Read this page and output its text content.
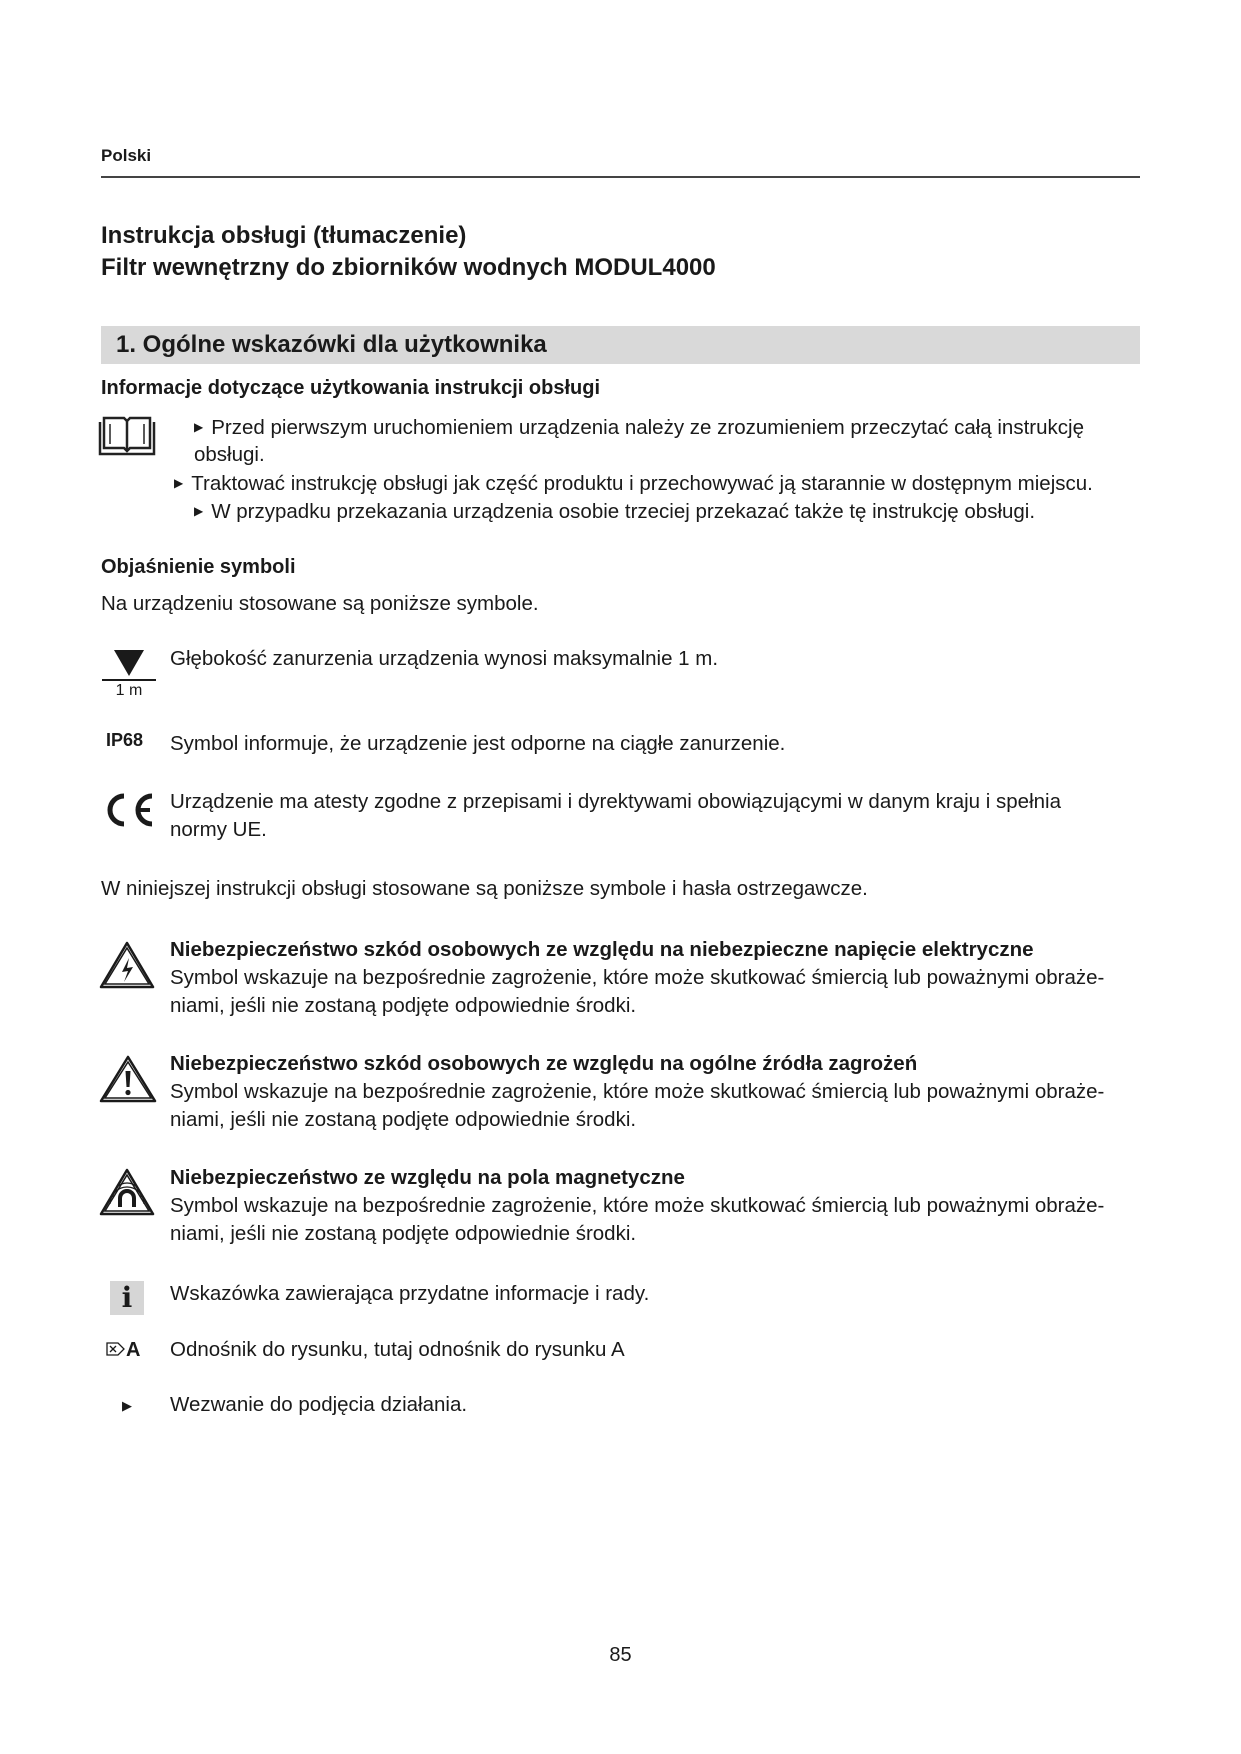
Polski
Instrukcja obsługi (tłumaczenie)
Filtr wewnętrzny do zbiorników wodnych MODUL4000
1. Ogólne wskazówki dla użytkownika
Informacje dotyczące użytkowania instrukcji obsługi
▶ Przed pierwszym uruchomieniem urządzenia należy ze zrozumieniem przeczytać całą instrukcję
obsługi.
▶ Traktować instrukcję obsługi jak część produktu i przechowywać ją starannie w dostępnym miejscu.
▶ W przypadku przekazania urządzenia osobie trzeciej przekazać także tę instrukcję obsługi.
Objaśnienie symboli
Na urządzeniu stosowane są poniższe symbole.
1 m
Głębokość zanurzenia urządzenia wynosi maksymalnie 1 m.
IP68 Symbol informuje, że urządzenie jest odporne na ciągłe zanurzenie.
Urządzenie ma atesty zgodne z przepisami i dyrektywami obowiązującymi w danym kraju i spełnia
normy UE.
W niniejszej instrukcji obsługi stosowane są poniższe symbole i hasła ostrzegawcze.
Niebezpieczeństwo szkód osobowych ze względu na niebezpieczne napięcie elektryczne
Symbol wskazuje na bezpośrednie zagrożenie, które może skutkować śmiercią lub poważnymi obraże-
niami, jeśli nie zostaną podjęte odpowiednie środki.
Niebezpieczeństwo szkód osobowych ze względu na ogólne źródła zagrożeń
Symbol wskazuje na bezpośrednie zagrożenie, które może skutkować śmiercią lub poważnymi obraże-
niami, jeśli nie zostaną podjęte odpowiednie środki.
Niebezpieczeństwo ze względu na pola magnetyczne
Symbol wskazuje na bezpośrednie zagrożenie, które może skutkować śmiercią lub poważnymi obraże-
niami, jeśli nie zostaną podjęte odpowiednie środki.
i	Wskazówka zawierająca przydatne informacje i rady.
A Odnośnik do rysunku, tutaj odnośnik do rysunku A
▶ Wezwanie do podjęcia działania.
85
